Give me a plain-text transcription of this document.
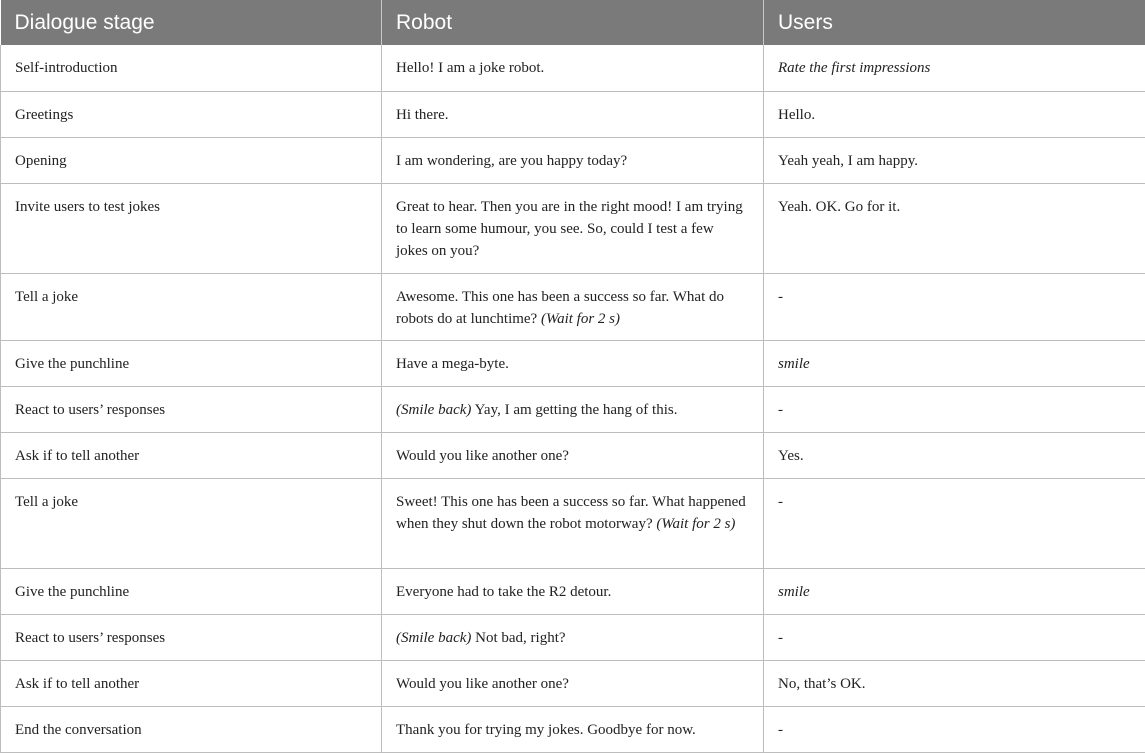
Dialogue stage	Robot	Users
Self-introduction	Hello! I am a joke robot.	Rate the first impressions
Greetings	Hi there.	Hello.
Opening	I am wondering, are you happy today?	Yeah yeah, I am happy.
Invite users to test jokes	Great to hear. Then you are in the right mood! I am trying to learn some humour, you see. So, could I test a few jokes on you?	Yeah. OK. Go for it.
Tell a joke	Awesome. This one has been a success so far. What do robots do at lunchtime? (Wait for 2 s)	-
Give the punchline	Have a mega-byte.	smile
React to users’ responses	(Smile back) Yay, I am getting the hang of this.	-
Ask if to tell another	Would you like another one?	Yes.
Tell a joke	Sweet! This one has been a success so far. What happened when they shut down the robot motorway? (Wait for 2 s)	-
Give the punchline	Everyone had to take the R2 detour.	smile
React to users’ responses	(Smile back) Not bad, right?	-
Ask if to tell another	Would you like another one?	No, that’s OK.
End the conversation	Thank you for trying my jokes. Goodbye for now.	-
